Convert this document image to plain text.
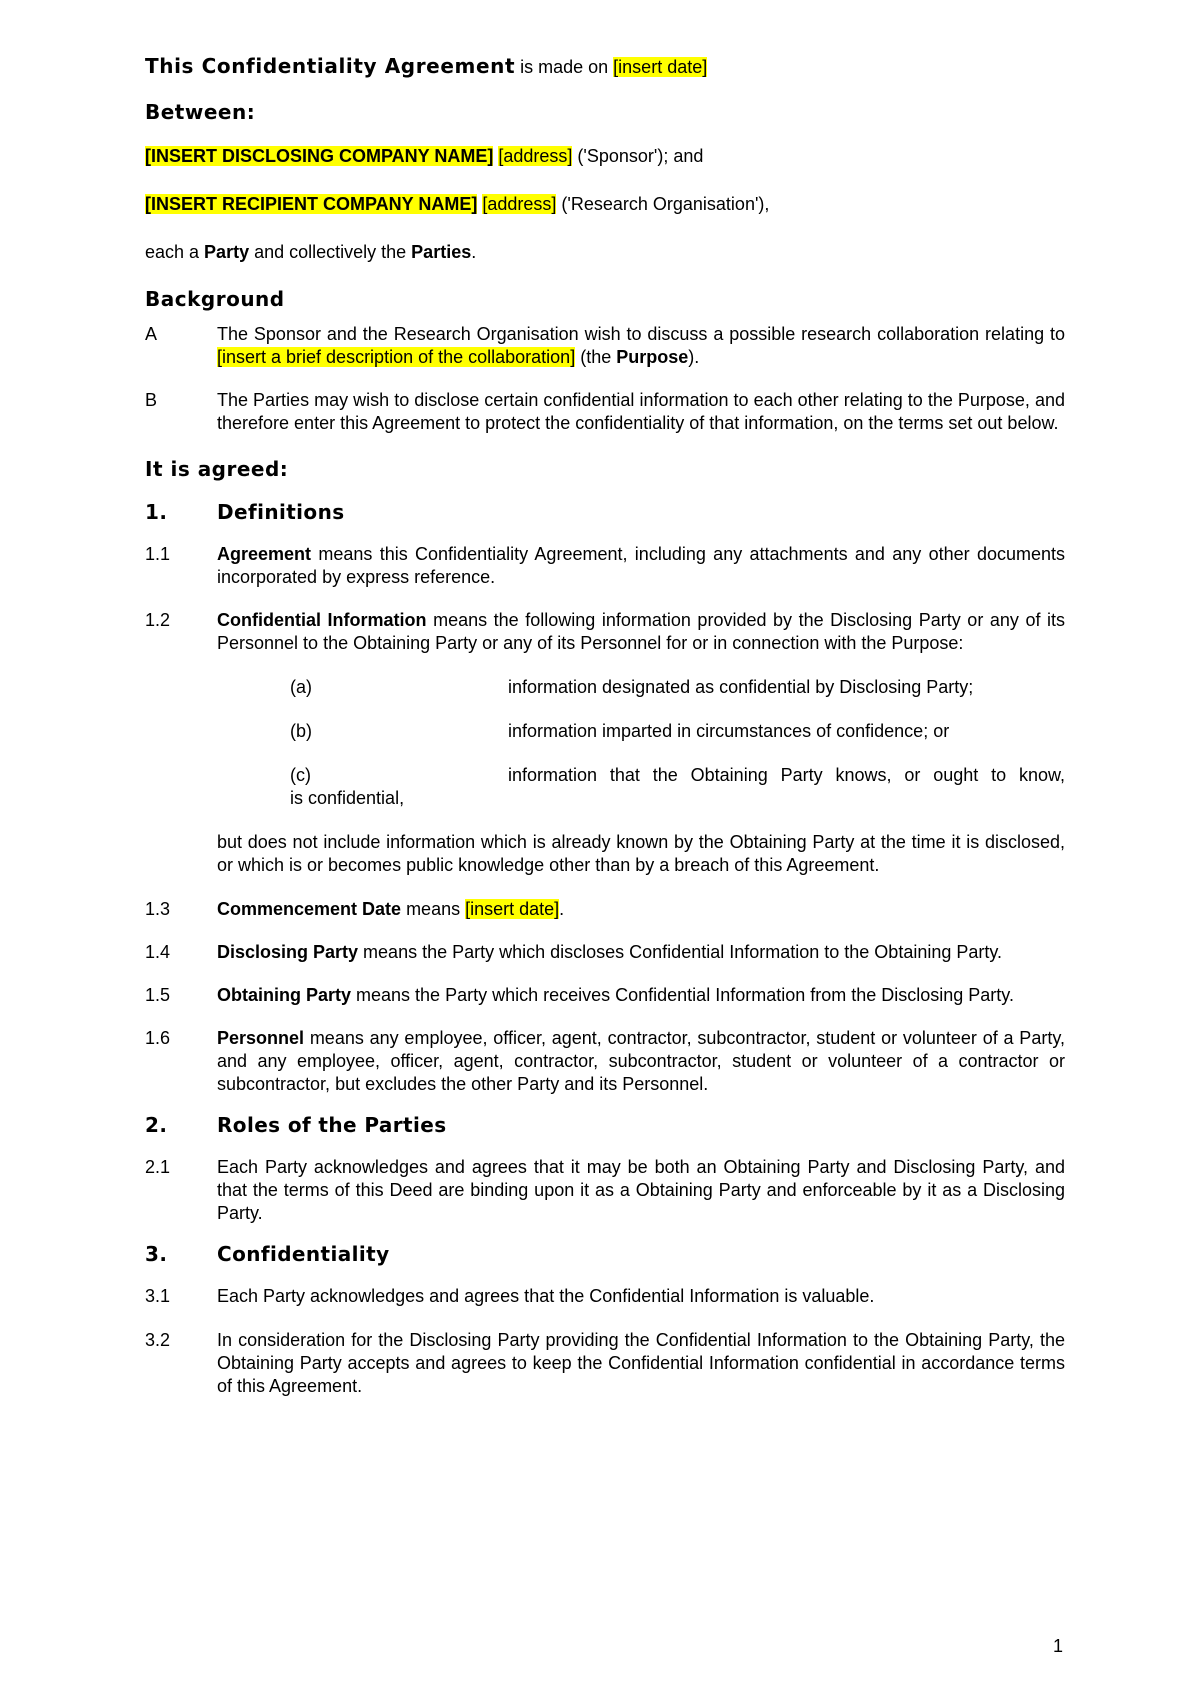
This Confidentiality Agreement is made on [insert date]
Between:
[INSERT DISCLOSING COMPANY NAME] [address] ('Sponsor'); and
[INSERT RECIPIENT COMPANY NAME] [address] ('Research Organisation'),
each a Party and collectively the Parties.
Background
A	The Sponsor and the Research Organisation wish to discuss a possible research collaboration relating to [insert a brief description of the collaboration] (the Purpose).
B	The Parties may wish to disclose certain confidential information to each other relating to the Purpose, and therefore enter this Agreement to protect the confidentiality of that information, on the terms set out below.
It is agreed:
1.	Definitions
1.1	Agreement means this Confidentiality Agreement, including any attachments and any other documents incorporated by express reference.
1.2	Confidential Information means the following information provided by the Disclosing Party or any of its Personnel to the Obtaining Party or any of its Personnel for or in connection with the Purpose:
(a)	information designated as confidential by Disclosing Party;
(b)	information imparted in circumstances of confidence; or
(c)	information that the Obtaining Party knows, or ought to know,
is confidential,
but does not include information which is already known by the Obtaining Party at the time it is disclosed, or which is or becomes public knowledge other than by a breach of this Agreement.
1.3	Commencement Date means [insert date].
1.4	Disclosing Party means the Party which discloses Confidential Information to the Obtaining Party.
1.5	Obtaining Party means the Party which receives Confidential Information from the Disclosing Party.
1.6	Personnel means any employee, officer, agent, contractor, subcontractor, student or volunteer of a Party, and any employee, officer, agent, contractor, subcontractor, student or volunteer of a contractor or subcontractor, but excludes the other Party and its Personnel.
2.	Roles of the Parties
2.1	Each Party acknowledges and agrees that it may be both an Obtaining Party and Disclosing Party, and that the terms of this Deed are binding upon it as a Obtaining Party and enforceable by it as a Disclosing Party.
3.	Confidentiality
3.1	Each Party acknowledges and agrees that the Confidential Information is valuable.
3.2	In consideration for the Disclosing Party providing the Confidential Information to the Obtaining Party, the Obtaining Party accepts and agrees to keep the Confidential Information confidential in accordance terms of this Agreement.
1
